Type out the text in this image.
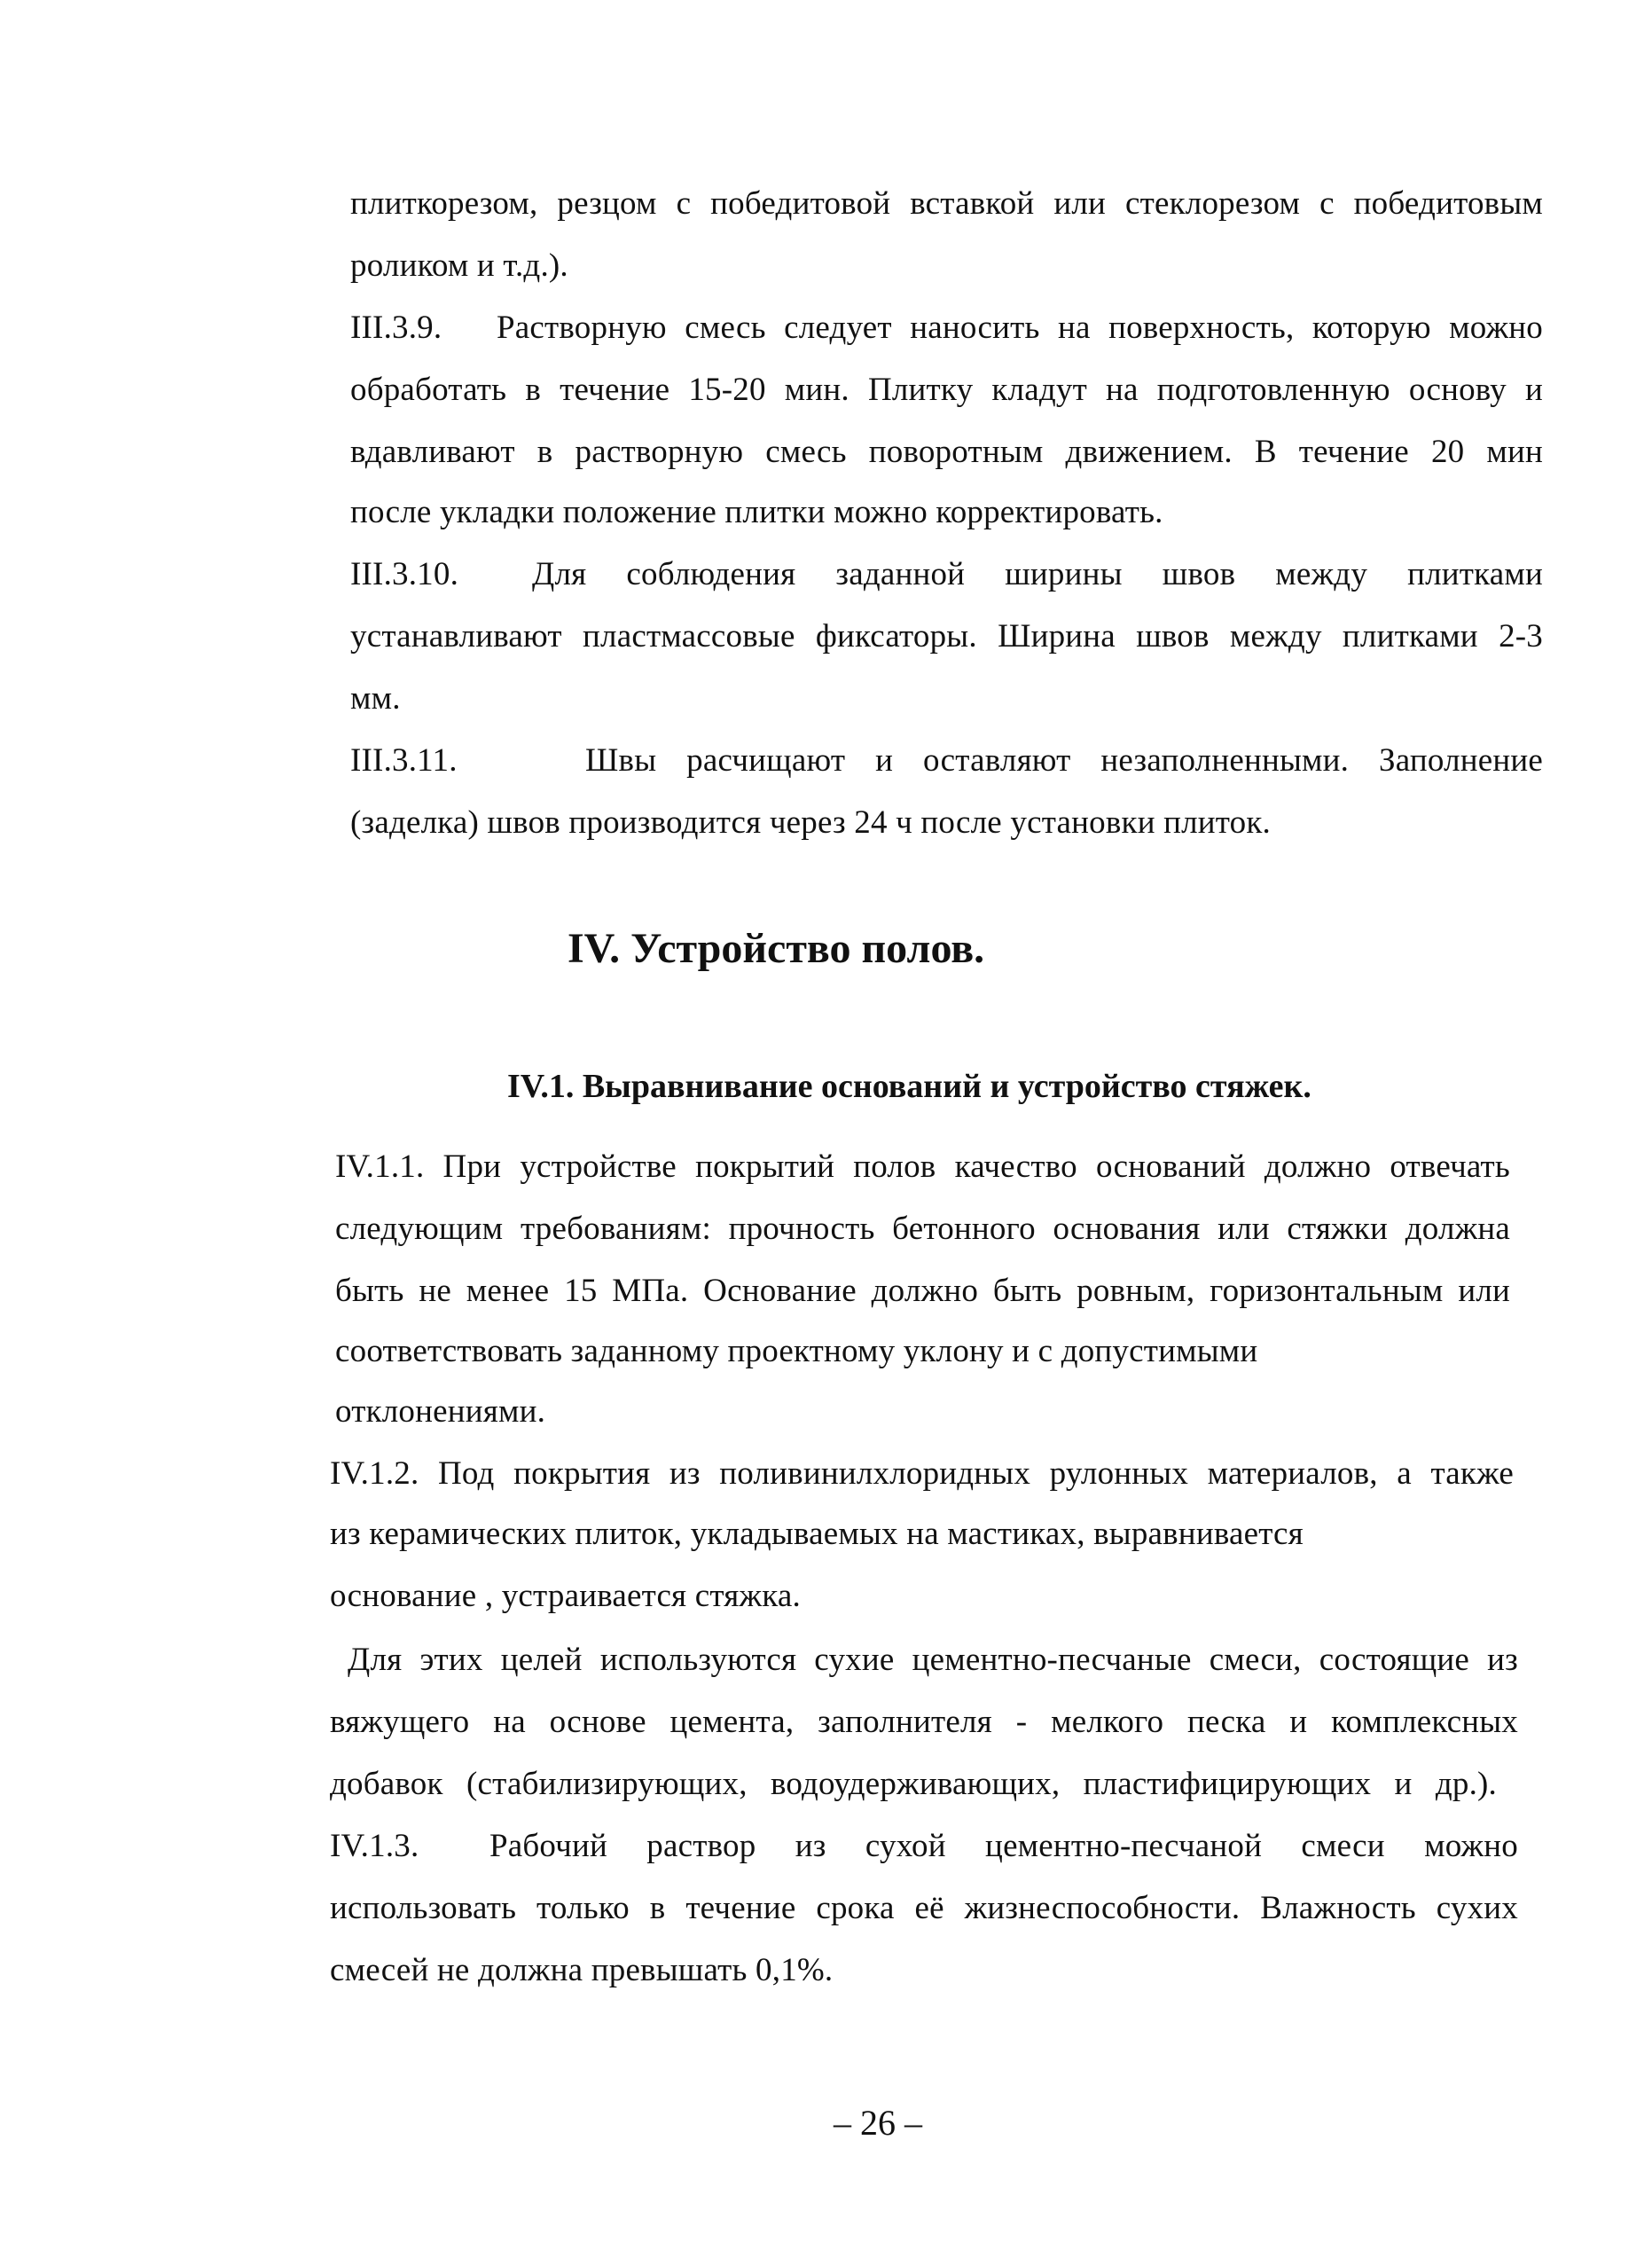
плиткорезом, резцом с победитовой вставкой или стеклорезом с победитовым
роликом и т.д.).
III.3.9. Растворную смесь следует наносить на поверхность, которую можно
обработать в течение 15-20 мин. Плитку кладут на подготовленную основу и
вдавливают в растворную смесь поворотным движением. В течение 20 мин
после укладки положение плитки можно корректировать.
III.3.10. Для соблюдения заданной ширины швов между плитками
устанавливают пластмассовые фиксаторы. Ширина швов между плитками 2-3
мм.
III.3.11.	Швы расчищают и оставляют незаполненными. Заполнение
(заделка) швов производится через 24 ч после установки плиток.
IV. Устройство полов.
IV.1. Выравнивание оснований и устройство стяжек.
IV.1.1. При устройстве покрытий полов качество оснований должно отвечать
следующим требованиям: прочность бетонного основания или стяжки должна
быть не менее 15 МПа. Основание должно быть ровным, горизонтальным или
соответствовать заданному проектному уклону и с допустимыми
отклонениями.
IV.1.2. Под покрытия из поливинилхлоридных рулонных материалов, а также
из керамических плиток, укладываемых на мастиках, выравнивается
основание , устраивается стяжка.
Для этих целей используются сухие цементно-песчаные смеси, состоящие из
вяжущего на основе цемента, заполнителя - мелкого песка и комплексных
добавок (стабилизирующих, водоудерживающих, пластифицирующих и др.).
IV.1.3. Рабочий раствор из сухой цементно-песчаной смеси можно
использовать только в течение срока её жизнеспособности. Влажность сухих
смесей не должна превышать 0,1%.
– 26 –
